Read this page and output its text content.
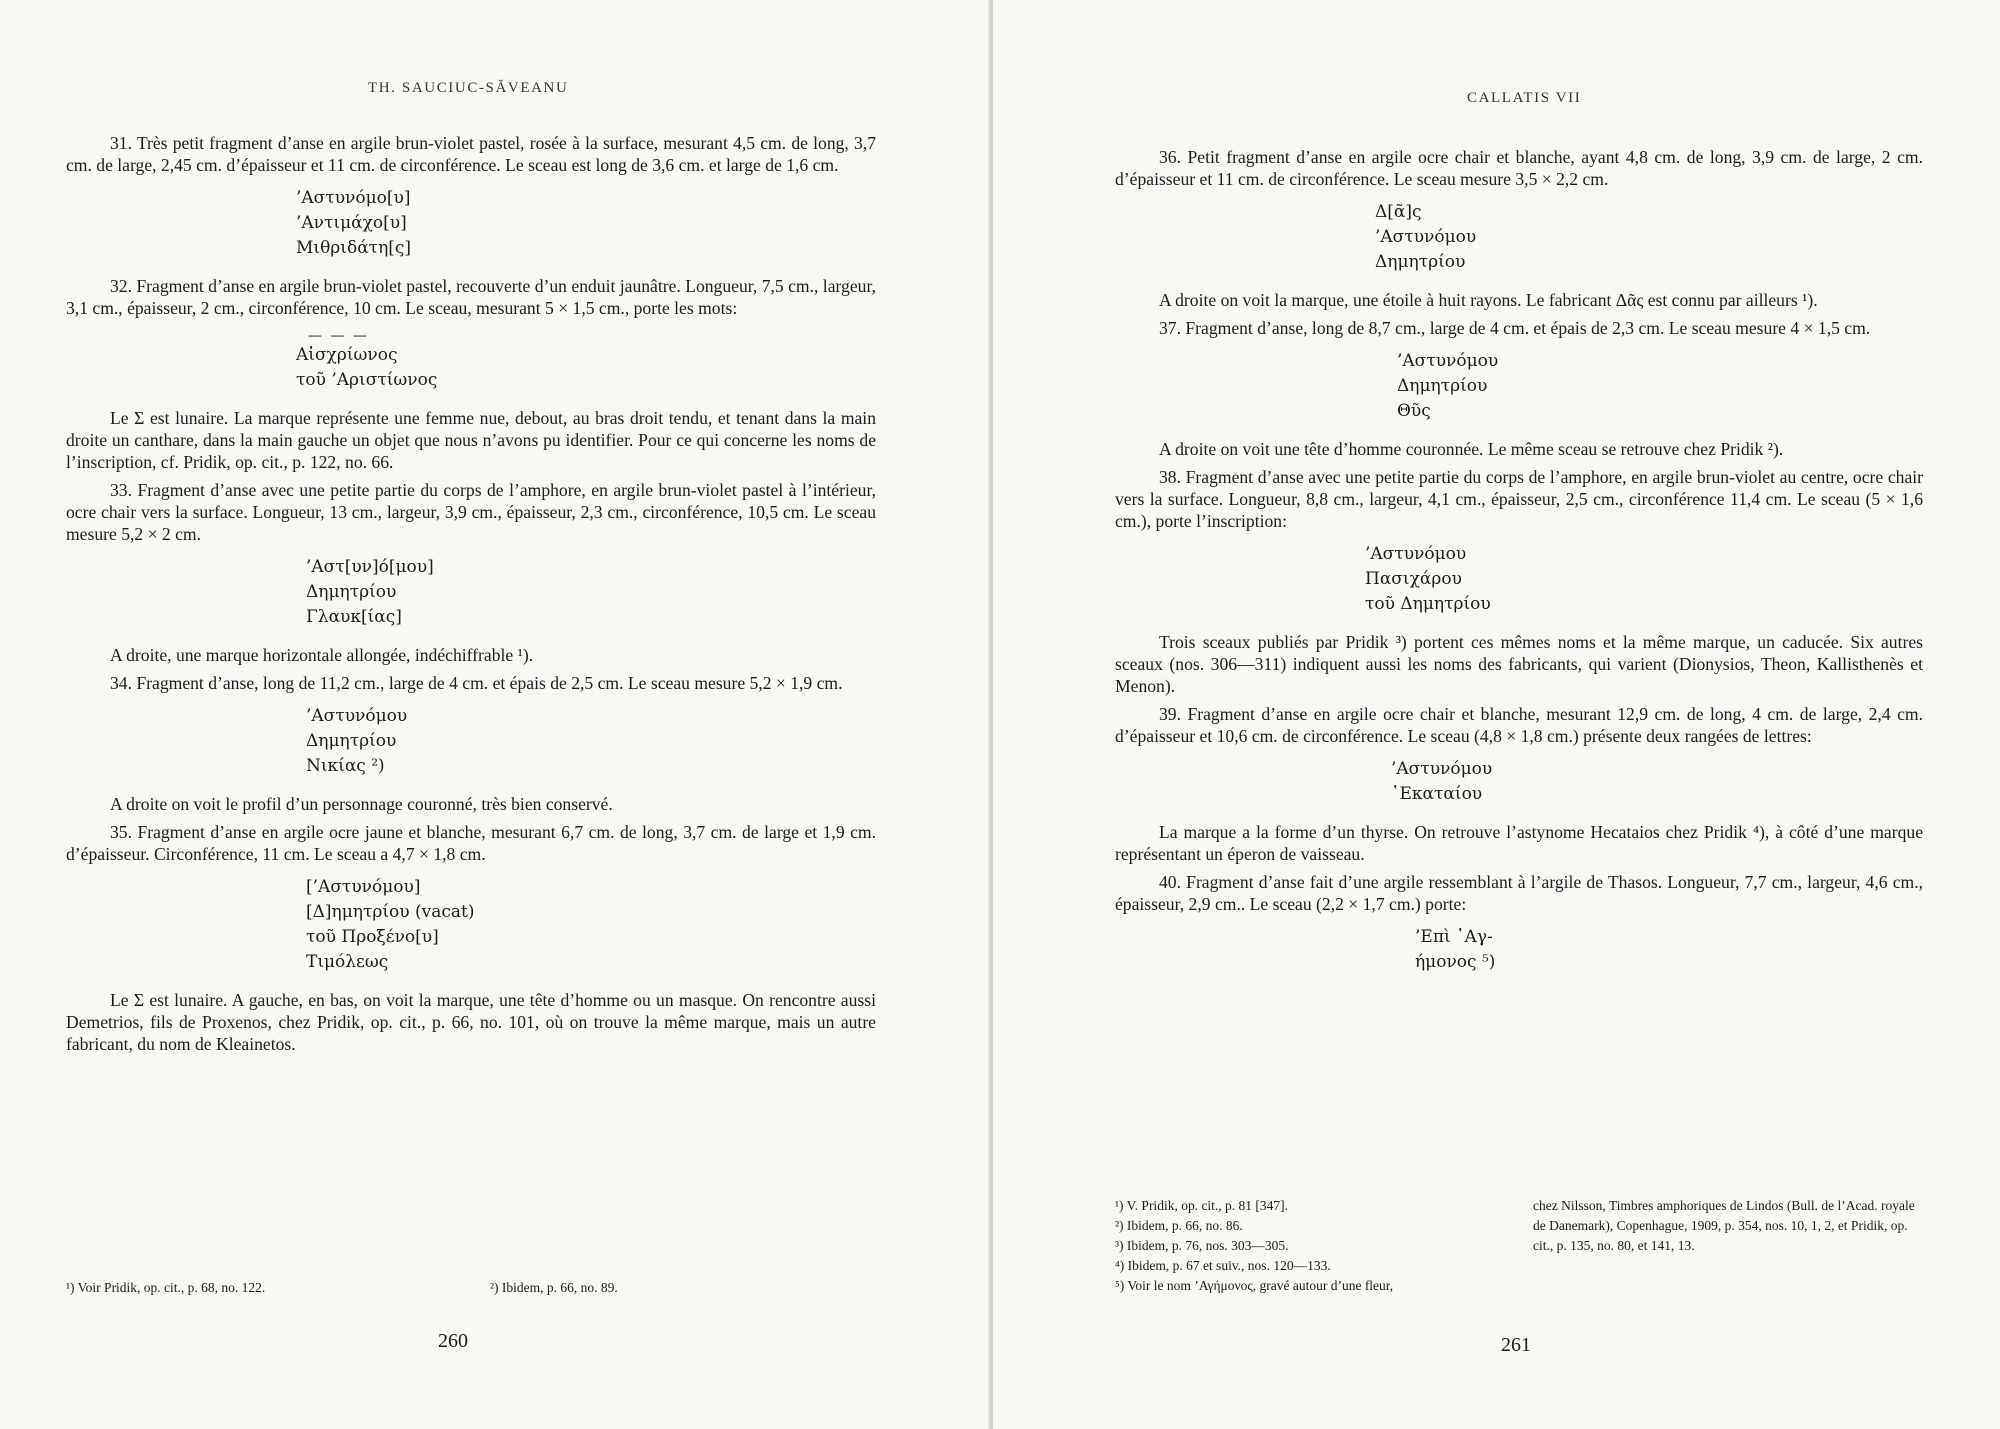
TH. SAUCIUC-SĂVEANU

31. Très petit fragment d’anse en argile brun-violet pastel, rosée à la surface, mesurant 4,5 cm. de long, 3,7 cm. de large, 2,45 cm. d’épaisseur et 11 cm. de circonférence. Le sceau est long de 3,6 cm. et large de 1,6 cm.

’Αστυνόμο[υ]
’Αντιμάχο[υ]
Μιθριδάτη[ς]

32. Fragment d’anse en argile brun-violet pastel, recouverte d’un enduit jaunâtre. Longueur, 7,5 cm., largeur, 3,1 cm., épaisseur, 2 cm., circonférence, 10 cm. Le sceau, mesurant 5 × 1,5 cm., porte les mots:

— — —
Αἰσχρίωνος
τοῦ ’Αριστίωνος

Le Σ est lunaire. La marque représente une femme nue, debout, au bras droit tendu, et tenant dans la main droite un canthare, dans la main gauche un objet que nous n’avons pu identifier. Pour ce qui concerne les noms de l’inscription, cf. Pridik, op. cit., p. 122, no. 66.

33. Fragment d’anse avec une petite partie du corps de l’amphore, en argile brun-violet pastel à l’intérieur, ocre chair vers la surface. Longueur, 13 cm., largeur, 3,9 cm., épaisseur, 2,3 cm., circonférence, 10,5 cm. Le sceau mesure 5,2 × 2 cm.

’Αστ[υν]ό[μου]
Δημητρίου
Γλαυκ[ίας]

A droite, une marque horizontale allongée, indéchiffrable ¹).

34. Fragment d’anse, long de 11,2 cm., large de 4 cm. et épais de 2,5 cm. Le sceau mesure 5,2 × 1,9 cm.

’Αστυνόμου
Δημητρίου
Νικίας ²)

A droite on voit le profil d’un personnage couronné, très bien conservé.

35. Fragment d’anse en argile ocre jaune et blanche, mesurant 6,7 cm. de long, 3,7 cm. de large et 1,9 cm. d’épaisseur. Circonférence, 11 cm. Le sceau a 4,7 × 1,8 cm.

[’Αστυνόμου]
[Δ]ημητρίου (vacat)
τοῦ Προξένο[υ]
Τιμόλεως

Le Σ est lunaire. A gauche, en bas, on voit la marque, une tête d’homme ou un masque. On rencontre aussi Demetrios, fils de Proxenos, chez Pridik, op. cit., p. 66, no. 101, où on trouve la même marque, mais un autre fabricant, du nom de Kleainetos.

¹) Voir Pridik, op. cit., p. 68, no. 122.	²) Ibidem, p. 66, no. 89.
260
CALLATIS VII

36. Petit fragment d’anse en argile ocre chair et blanche, ayant 4,8 cm. de long, 3,9 cm. de large, 2 cm. d’épaisseur et 11 cm. de circonférence. Le sceau mesure 3,5 × 2,2 cm.

Δ[ᾶ]ς
’Αστυνόμου
Δημητρίου

A droite on voit la marque, une étoile à huit rayons. Le fabricant Δᾶς est connu par ailleurs ¹).

37. Fragment d’anse, long de 8,7 cm., large de 4 cm. et épais de 2,3 cm. Le sceau mesure 4 × 1,5 cm.

’Αστυνόμου
Δημητρίου
Θῦς

A droite on voit une tête d’homme couronnée. Le même sceau se retrouve chez Pridik ²).

38. Fragment d’anse avec une petite partie du corps de l’amphore, en argile brun-violet au centre, ocre chair vers la surface. Longueur, 8,8 cm., largeur, 4,1 cm., épaisseur, 2,5 cm., circonférence 11,4 cm. Le sceau (5 × 1,6 cm.), porte l’inscription:

’Αστυνόμου
Πασιχάρου
τοῦ Δημητρίου

Trois sceaux publiés par Pridik ³) portent ces mêmes noms et la même marque, un caducée. Six autres sceaux (nos. 306—311) indiquent aussi les noms des fabricants, qui varient (Dionysios, Theon, Kallisthenès et Menon).

39. Fragment d’anse en argile ocre chair et blanche, mesurant 12,9 cm. de long, 4 cm. de large, 2,4 cm. d’épaisseur et 10,6 cm. de circonférence. Le sceau (4,8 × 1,8 cm.) présente deux rangées de lettres:

’Αστυνόμου
῾Εκαταίου

La marque a la forme d’un thyrse. On retrouve l’astynome Hecataios chez Pridik ⁴), à côté d’une marque représentant un éperon de vaisseau.

40. Fragment d’anse fait d’une argile ressemblant à l’argile de Thasos. Longueur, 7,7 cm., largeur, 4,6 cm., épaisseur, 2,9 cm.. Le sceau (2,2 × 1,7 cm.) porte:

’Επὶ ῾Αγ-
ήμονος ⁵)
¹) V. Pridik, op. cit., p. 81 [347].
²) Ibidem, p. 66, no. 86.
³) Ibidem, p. 76, nos. 303—305.
⁴) Ibidem, p. 67 et suiv., nos. 120—133.
⁵) Voir le nom ’Αγήμονος, gravé autour d’une fleur,
chez Nilsson, Timbres amphoriques de Lindos (Bull. de l’Acad. royale de Danemark), Copenhague, 1909, p. 354, nos. 10, 1, 2, et Pridik, op. cit., p. 135, no. 80, et 141, 13.
261
